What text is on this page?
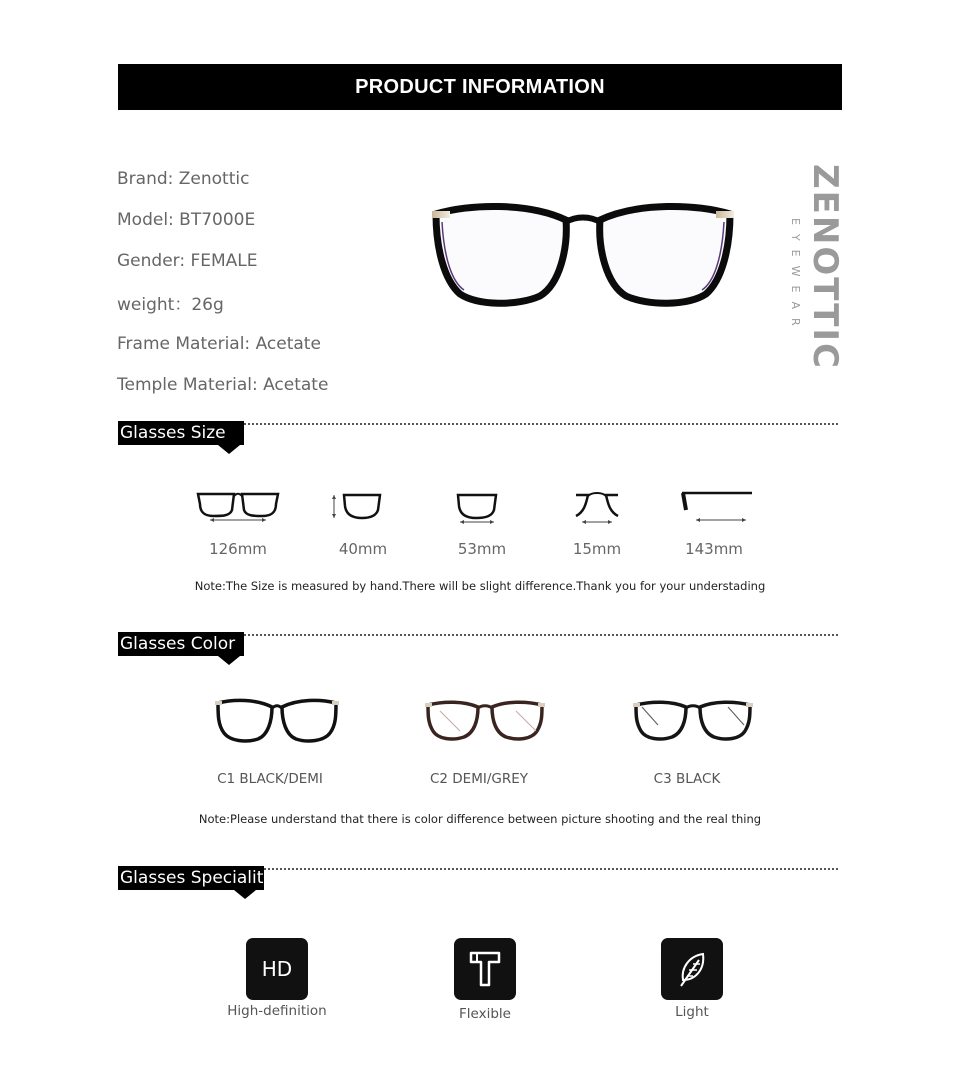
PRODUCT INFORMATION
Brand: Zenottic
Model: BT7000E
Gender: FEMALE
weight：26g
Frame Material: Acetate
Temple Material: Acetate
ZENOTTIC
EYEWEAR
Glasses Size
126mm	40mm	53mm	15mm	143mm
Note:The Size is measured by hand.There will be slight difference.Thank you for your understading
Glasses Color
C1 BLACK/DEMI	C2 DEMI/GREY	C3 BLACK
Note:Please understand that there is color difference between picture shooting and the real thing
Glasses Speciality
HD
High-definition	Flexible	Light
